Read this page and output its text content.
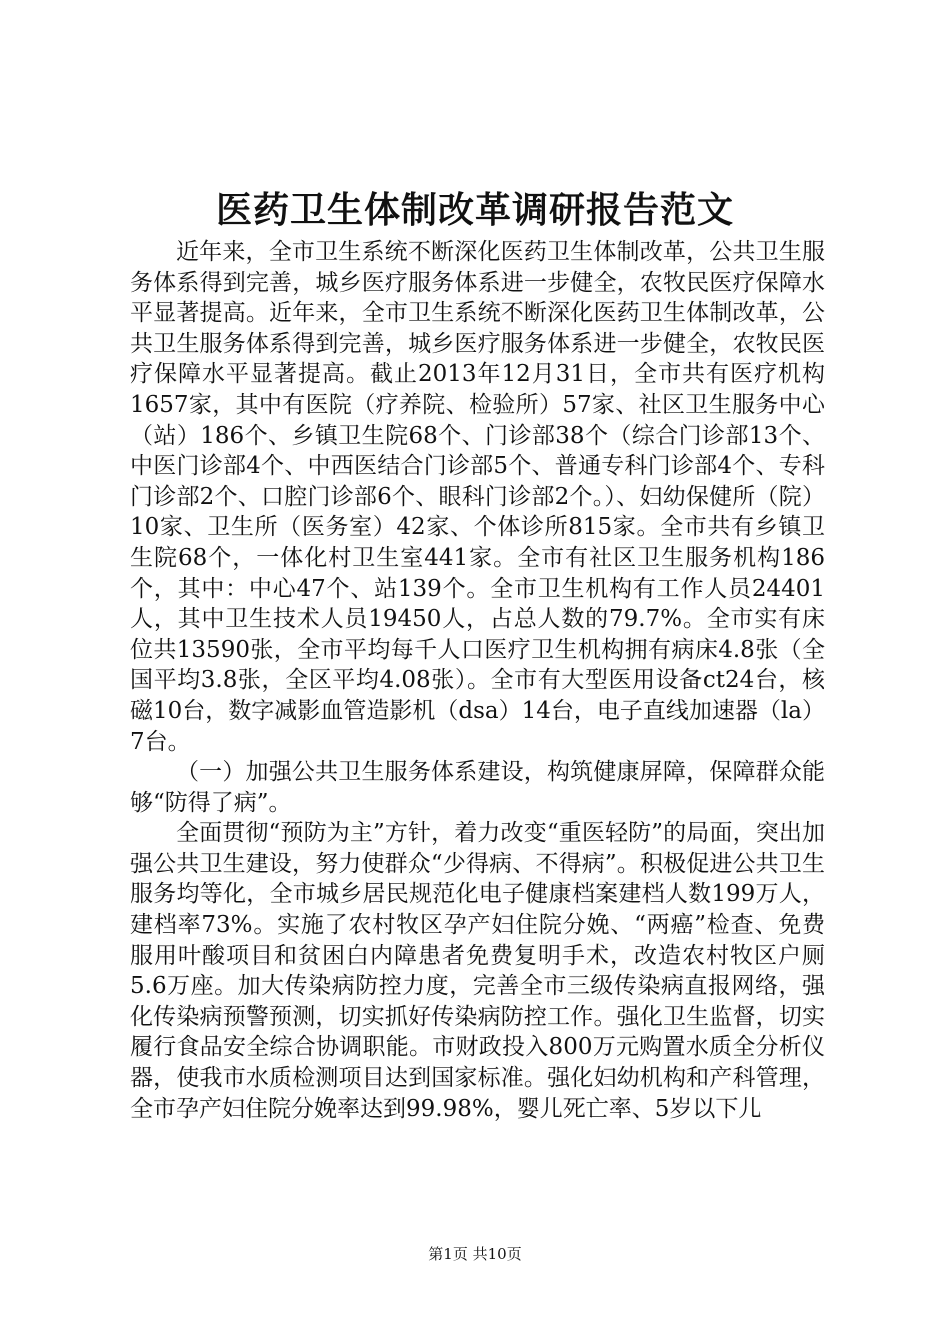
医药卫生体制改革调研报告范文

近年来，全市卫生系统不断深化医药卫生体制改革，公共卫生服务体系得到完善，城乡医疗服务体系进一步健全，农牧民医疗保障水平显著提高。近年来，全市卫生系统不断深化医药卫生体制改革，公共卫生服务体系得到完善，城乡医疗服务体系进一步健全，农牧民医疗保障水平显著提高。截止2013年12月31日，全市共有医疗机构1657家，其中有医院（疗养院、检验所）57家、社区卫生服务中心（站）186个、乡镇卫生院68个、门诊部38个（综合门诊部13个、中医门诊部4个、中西医结合门诊部5个、普通专科门诊部4个、专科门诊部2个、口腔门诊部6个、眼科门诊部2个。）、妇幼保健所（院）10家、卫生所（医务室）42家、个体诊所815家。全市共有乡镇卫生院68个，一体化村卫生室441家。全市有社区卫生服务机构186个，其中：中心47个、站139个。全市卫生机构有工作人员24401人，其中卫生技术人员19450人，占总人数的79.7%。全市实有床位共13590张，全市平均每千人口医疗卫生机构拥有病床4.8张（全国平均3.8张，全区平均4.08张）。全市有大型医用设备ct24台，核磁10台，数字减影血管造影机（dsa）14台，电子直线加速器（la）7台。

（一）加强公共卫生服务体系建设，构筑健康屏障，保障群众能够“防得了病”。

全面贯彻“预防为主”方针，着力改变“重医轻防”的局面，突出加强公共卫生建设，努力使群众“少得病、不得病”。积极促进公共卫生服务均等化，全市城乡居民规范化电子健康档案建档人数199万人，建档率73%。实施了农村牧区孕产妇住院分娩、“两癌”检查、免费服用叶酸项目和贫困白内障患者免费复明手术，改造农村牧区户厕5.6万座。加大传染病防控力度，完善全市三级传染病直报网络，强化传染病预警预测，切实抓好传染病防控工作。强化卫生监督，切实履行食品安全综合协调职能。市财政投入800万元购置水质全分析仪器，使我市水质检测项目达到国家标准。强化妇幼机构和产科管理，全市孕产妇住院分娩率达到99.98%，婴儿死亡率、5岁以下儿

第1页 共10页
